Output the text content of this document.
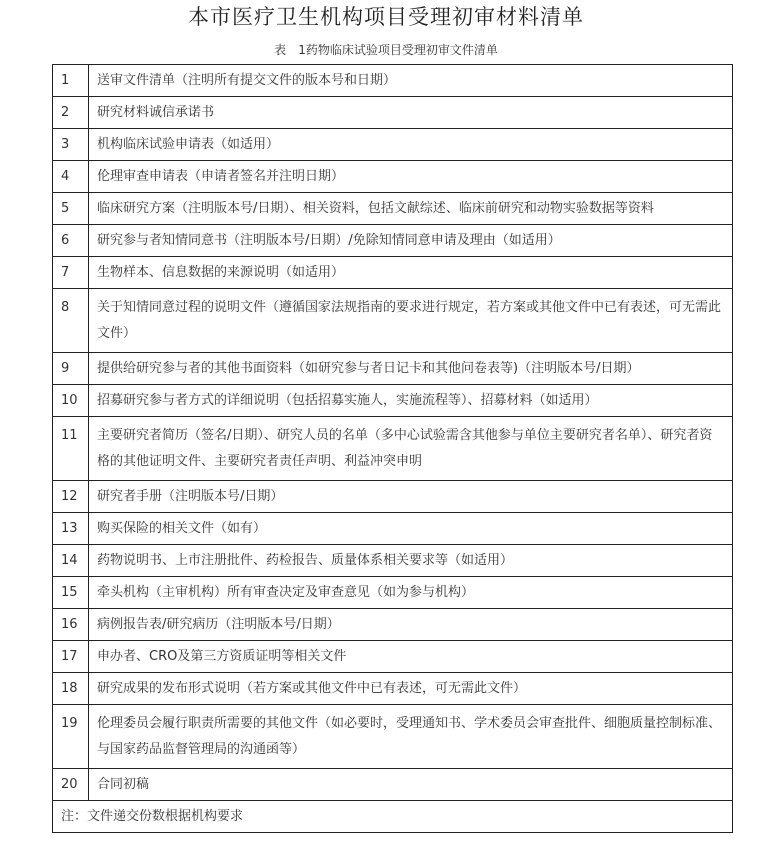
本市医疗卫生机构项目受理初审材料清单
表 1药物临床试验项目受理初审文件清单
1	送审文件清单（注明所有提交文件的版本号和日期）
2	研究材料诚信承诺书
3	机构临床试验申请表（如适用）
4	伦理审查申请表（申请者签名并注明日期）
5	临床研究方案（注明版本号/日期）、相关资料，包括文献综述、临床前研究和动物实验数据等资料
6	研究参与者知情同意书（注明版本号/日期）/免除知情同意申请及理由（如适用）
7	生物样本、信息数据的来源说明（如适用）
8	关于知情同意过程的说明文件（遵循国家法规指南的要求进行规定，若方案或其他文件中已有表述，可无需此文件）
9	提供给研究参与者的其他书面资料（如研究参与者日记卡和其他问卷表等)（注明版本号/日期）
10	招募研究参与者方式的详细说明（包括招募实施人，实施流程等）、招募材料（如适用）
11	主要研究者简历（签名/日期）、研究人员的名单（多中心试验需含其他参与单位主要研究者名单）、研究者资格的其他证明文件、主要研究者责任声明、利益冲突申明
12	研究者手册（注明版本号/日期）
13	购买保险的相关文件（如有）
14	药物说明书、上市注册批件、药检报告、质量体系相关要求等（如适用）
15	牵头机构（主审机构）所有审查决定及审查意见（如为参与机构）
16	病例报告表/研究病历（注明版本号/日期）
17	申办者、CRO及第三方资质证明等相关文件
18	研究成果的发布形式说明（若方案或其他文件中已有表述，可无需此文件）
19	伦理委员会履行职责所需要的其他文件（如必要时，受理通知书、学术委员会审查批件、细胞质量控制标准、与国家药品监督管理局的沟通函等）
20	合同初稿
注：文件递交份数根据机构要求	
